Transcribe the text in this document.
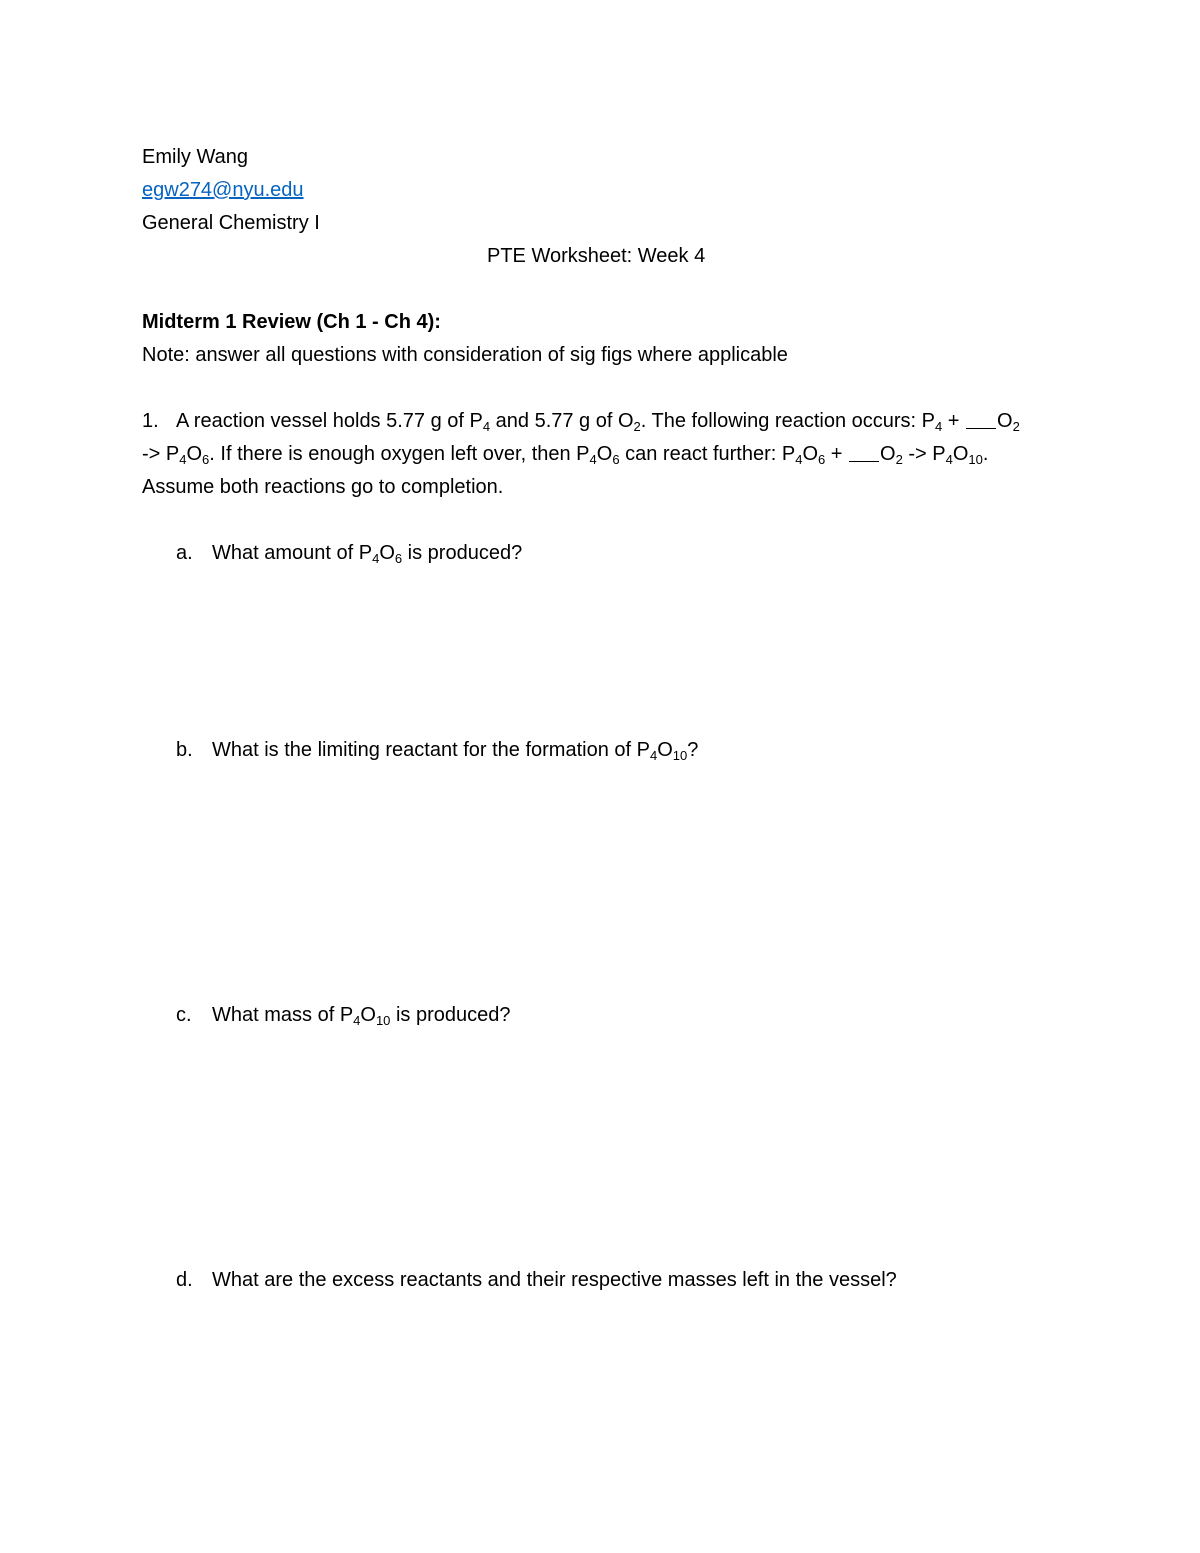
Emily Wang
egw274@nyu.edu
General Chemistry I
PTE Worksheet: Week 4
Midterm 1 Review (Ch 1 - Ch 4):
Note: answer all questions with consideration of sig figs where applicable
1. A reaction vessel holds 5.77 g of $P_4$ and 5.77 g of $O_2$. The following reaction occurs: $P_4 + O_2$
-> $P_4O_6$. If there is enough oxygen left over, then $P_4O_6$ can react further: $P_4O_6 + O_2 -> P_4O_{10}$.
Assume both reactions go to completion.
a. What amount of $P_4O_6$ is produced?
b. What is the limiting reactant for the formation of $P_4O_{10}$?
c. What mass of $P_4O_{10}$ is produced?
d. What are the excess reactants and their respective masses left in the vessel?
